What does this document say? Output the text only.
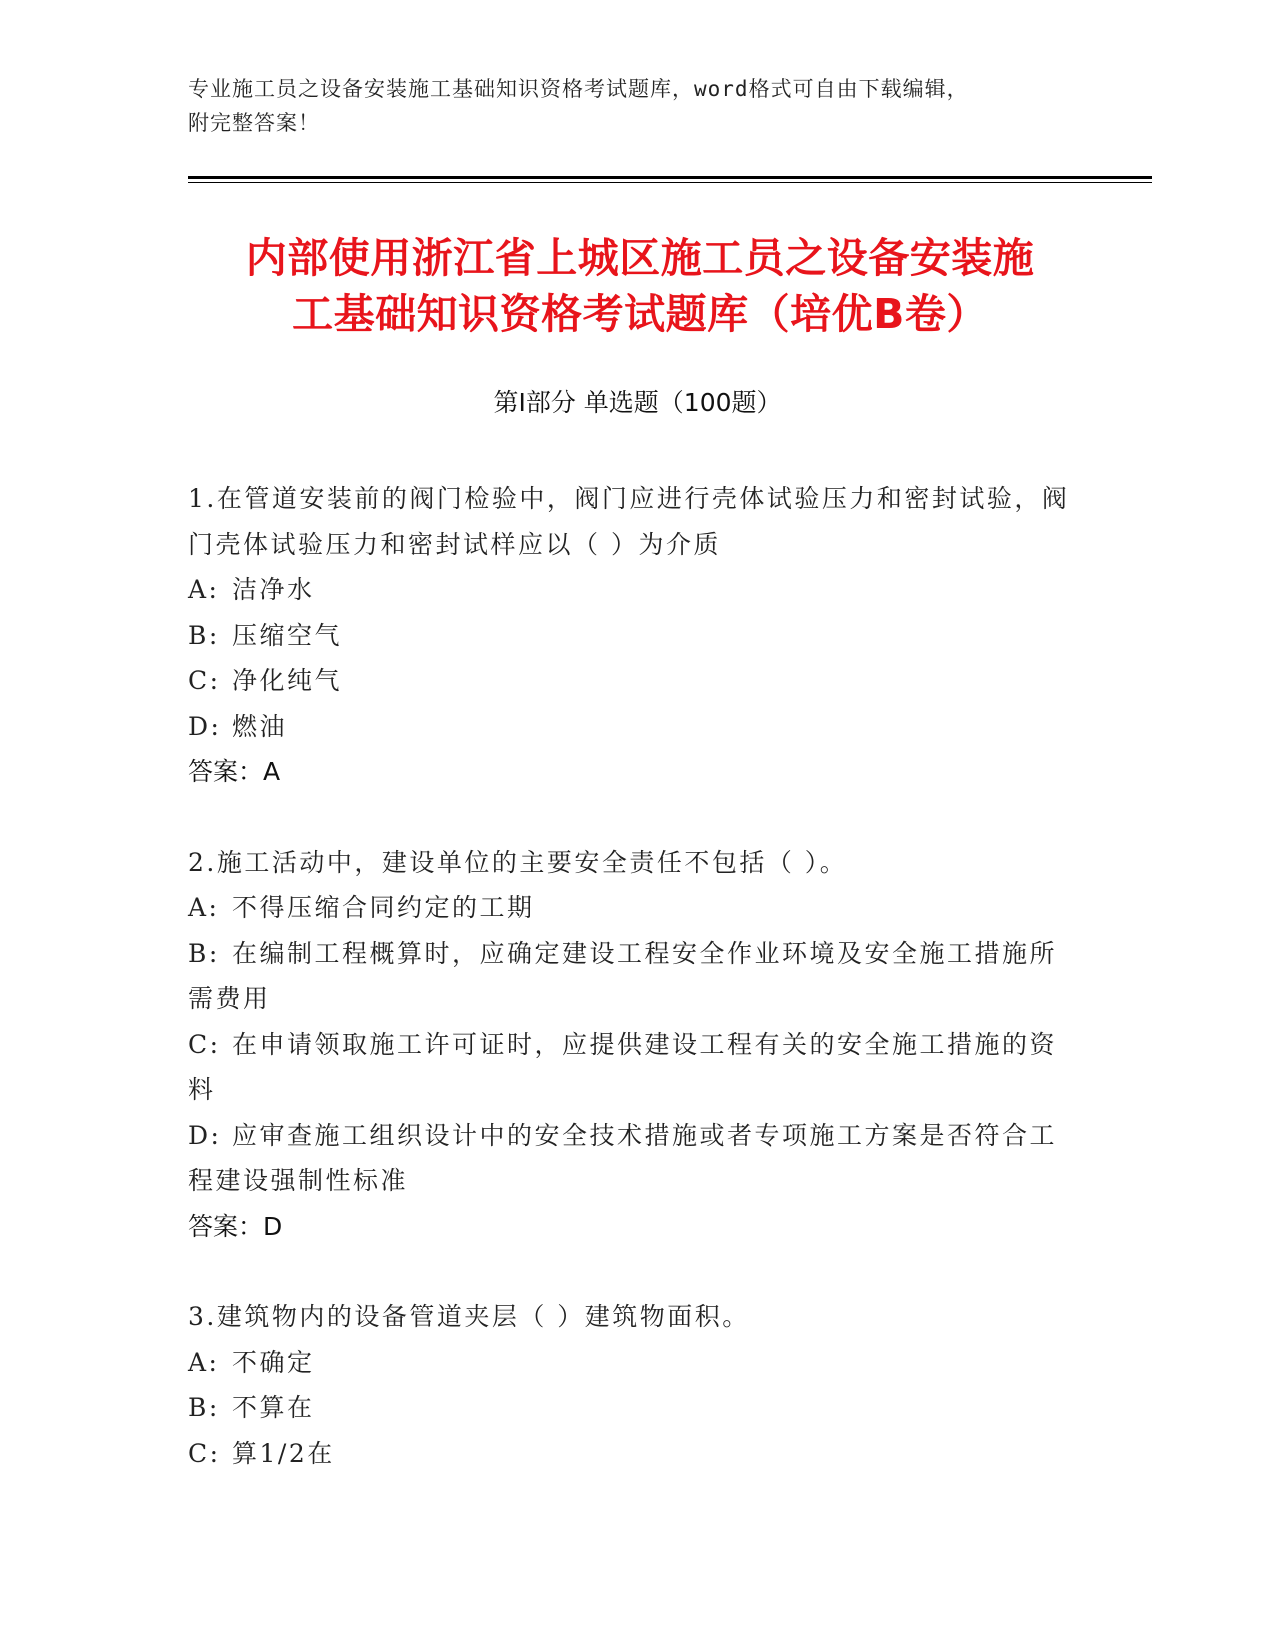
专业施工员之设备安装施工基础知识资格考试题库，word格式可自由下载编辑，
附完整答案！
内部使用浙江省上城区施工员之设备安装施
工基础知识资格考试题库（培优B卷）
第Ⅰ部分 单选题（100题）

1.在管道安装前的阀门检验中，阀门应进行壳体试验压力和密封试验，阀门壳体试验压力和密封试样应以（ ）为介质

A: 洁净水

B: 压缩空气

C: 净化纯气

D: 燃油

答案：A

2.施工活动中，建设单位的主要安全责任不包括（ ）。

A: 不得压缩合同约定的工期

B: 在编制工程概算时，应确定建设工程安全作业环境及安全施工措施所需费用

C: 在申请领取施工许可证时，应提供建设工程有关的安全施工措施的资料

D: 应审查施工组织设计中的安全技术措施或者专项施工方案是否符合工程建设强制性标准

答案：D

3.建筑物内的设备管道夹层（ ）建筑物面积。

A: 不确定

B: 不算在

C: 算1/2在
